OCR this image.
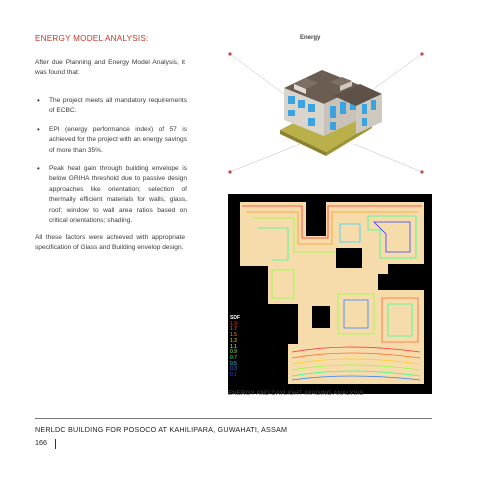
ENERGY MODEL ANALYSIS:

After due Planning and Energy Model Analysis, it was found that:

• The project meets all mandatory requirements of ECBC.
• EPI (energy performance index) of 57 is achieved for the project with an energy savings of more than 35%.
• Peak heat gain through building envelope is below GRIHA threshold due to passive design approaches like orientation; selection of thermally efficient materials for walls, glass, roof; window to wall area ratios based on critical orientations; shading.

All these factors were achieved with appropriate specification of Glass and Building envelop design.

Energy
SDF
1.9
1.7
1.5
1.3
1.1
0.9
0.7
0.5
0.3
0.1
ENERGY AND DAYLIGHT IMAGING ANALYSIS
NERLDC BUILDING FOR POSOCO AT KAHILIPARA, GUWAHATI, ASSAM
166
